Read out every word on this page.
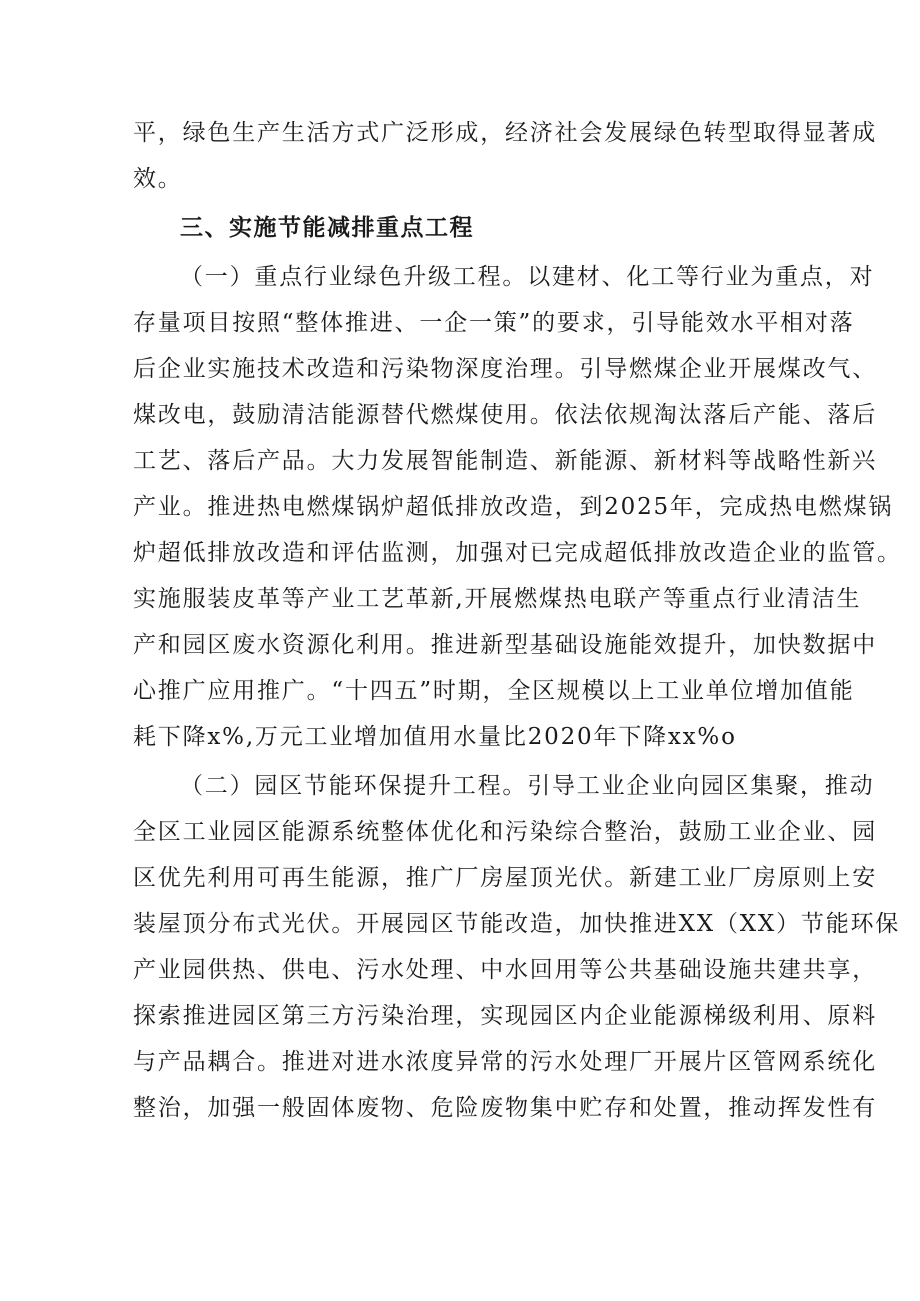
平，绿色生产生活方式广泛形成，经济社会发展绿色转型取得显著成
效。
三、实施节能减排重点工程
（一）重点行业绿色升级工程。以建材、化工等行业为重点，对
存量项目按照“整体推进、一企一策”的要求，引导能效水平相对落
后企业实施技术改造和污染物深度治理。引导燃煤企业开展煤改气、
煤改电，鼓励清洁能源替代燃煤使用。依法依规淘汰落后产能、落后
工艺、落后产品。大力发展智能制造、新能源、新材料等战略性新兴
产业。推进热电燃煤锅炉超低排放改造，到2025年，完成热电燃煤锅
炉超低排放改造和评估监测，加强对已完成超低排放改造企业的监管。
实施服装皮革等产业工艺革新,开展燃煤热电联产等重点行业清洁生
产和园区废水资源化利用。推进新型基础设施能效提升，加快数据中
心推广应用推广。“十四五”时期，全区规模以上工业单位增加值能
耗下降x%,万元工业增加值用水量比2020年下降xx%o
（二）园区节能环保提升工程。引导工业企业向园区集聚，推动
全区工业园区能源系统整体优化和污染综合整治，鼓励工业企业、园
区优先利用可再生能源，推广厂房屋顶光伏。新建工业厂房原则上安
装屋顶分布式光伏。开展园区节能改造，加快推进XX（XX）节能环保
产业园供热、供电、污水处理、中水回用等公共基础设施共建共享，
探索推进园区第三方污染治理，实现园区内企业能源梯级利用、原料
与产品耦合。推进对进水浓度异常的污水处理厂开展片区管网系统化
整治，加强一般固体废物、危险废物集中贮存和处置，推动挥发性有
